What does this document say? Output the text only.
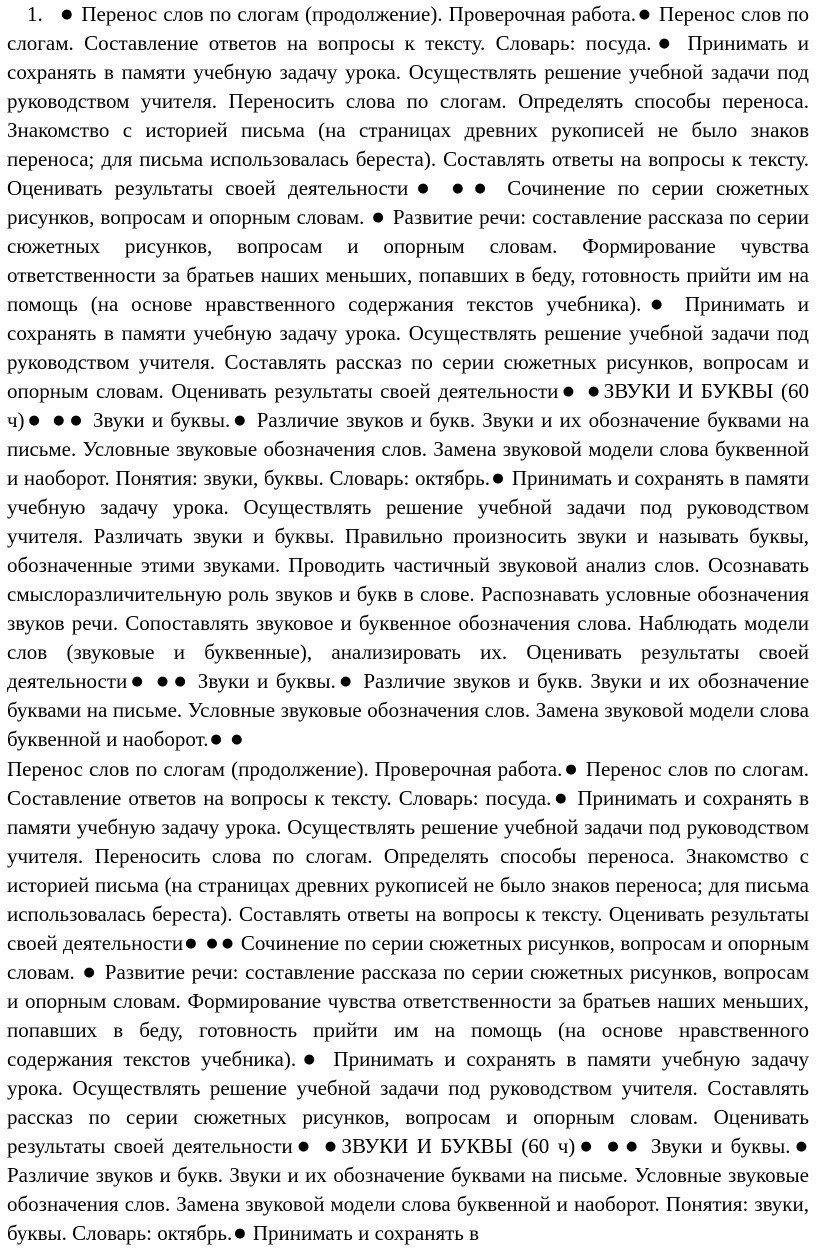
1. ● Перенос слов по слогам (продолжение). Проверочная работа. ● Перенос слов по слогам. Составление ответов на вопросы к тексту. Словарь: посуда. ● Принимать и сохранять в памяти учебную задачу урока. Осуществлять решение учебной задачи под руководством учителя. Переносить слова по слогам. Определять способы переноса. Знакомство с историей письма (на страницах древних рукописей не было знаков переноса; для письма использовалась береста). Составлять ответы на вопросы к тексту. Оценивать результаты своей деятельности ● ● ● Сочинение по серии сюжетных рисунков, вопросам и опорным словам. ● Развитие речи: составление рассказа по серии сюжетных рисунков, вопросам и опорным словам. Формирование чувства ответственности за братьев наших меньших, попавших в беду, готовность прийти им на помощь (на основе нравственного содержания текстов учебника). ● Принимать и сохранять в памяти учебную задачу урока. Осуществлять решение учебной задачи под руководством учителя. Составлять рассказ по серии сюжетных рисунков, вопросам и опорным словам. Оценивать результаты своей деятельности ● ●ЗВУКИ И БУКВЫ (60 ч) ● ● ● Звуки и буквы. ● Различие звуков и букв. Звуки и их обозначение буквами на письме. Условные звуковые обозначения слов. Замена звуковой модели слова буквенной и наоборот. Понятия: звуки, буквы. Словарь: октябрь. ● Принимать и сохранять в памяти учебную задачу урока. Осуществлять решение учебной задачи под руководством учителя. Различать звуки и буквы. Правильно произносить звуки и называть буквы, обозначенные этими звуками. Проводить частичный звуковой анализ слов. Осознавать смыслоразличительную роль звуков и букв в слове. Распознавать условные обозначения звуков речи. Сопоставлять звуковое и буквенное обозначения слова. Наблюдать модели слов (звуковые и буквенные), анализировать их. Оценивать результаты своей деятельности ● ● ● Звуки и буквы. ● Различие звуков и букв. Звуки и их обозначение буквами на письме. Условные звуковые обозначения слов. Замена звуковой модели слова буквенной и наоборот. ● ●

Перенос слов по слогам (продолжение). Проверочная работа. ● Перенос слов по слогам. Составление ответов на вопросы к тексту. Словарь: посуда. ● Принимать и сохранять в памяти учебную задачу урока. Осуществлять решение учебной задачи под руководством учителя. Переносить слова по слогам. Определять способы переноса. Знакомство с историей письма (на страницах древних рукописей не было знаков переноса; для письма использовалась береста). Составлять ответы на вопросы к тексту. Оценивать результаты своей деятельности ● ● ● Сочинение по серии сюжетных рисунков, вопросам и опорным словам. ● Развитие речи: составление рассказа по серии сюжетных рисунков, вопросам и опорным словам. Формирование чувства ответственности за братьев наших меньших, попавших в беду, готовность прийти им на помощь (на основе нравственного содержания текстов учебника). ● Принимать и сохранять в памяти учебную задачу урока. Осуществлять решение учебной задачи под руководством учителя. Составлять рассказ по серии сюжетных рисунков, вопросам и опорным словам. Оценивать результаты своей деятельности ● ●ЗВУКИ И БУКВЫ (60 ч) ● ● ● Звуки и буквы. ● Различие звуков и букв. Звуки и их обозначение буквами на письме. Условные звуковые обозначения слов. Замена звуковой модели слова буквенной и наоборот. Понятия: звуки, буквы. Словарь: октябрь. ● Принимать и сохранять в
